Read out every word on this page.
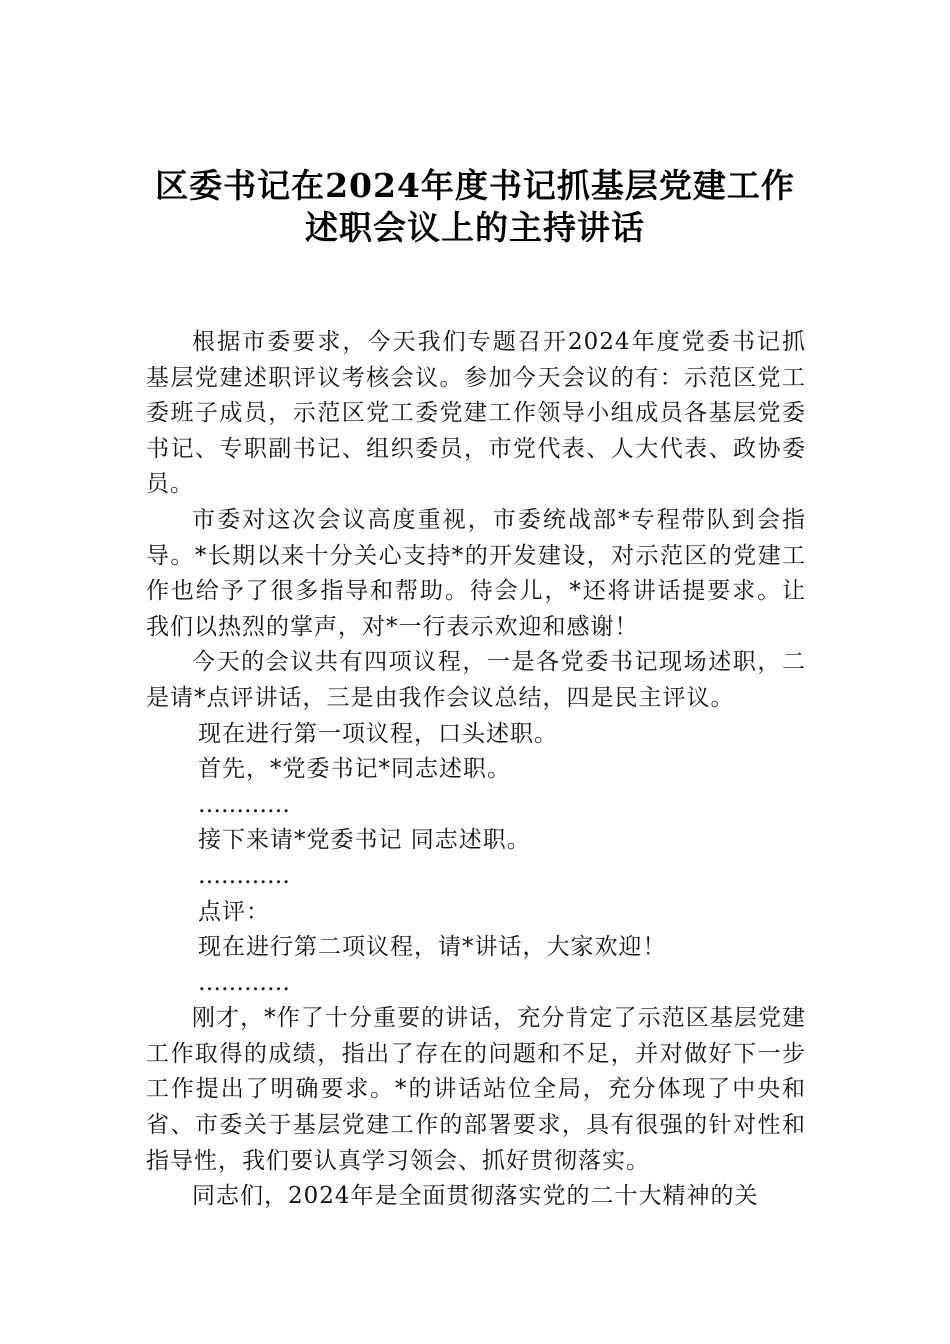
区委书记在2024年度书记抓基层党建工作
述职会议上的主持讲话

根据市委要求，今天我们专题召开2024年度党委书记抓基层党建述职评议考核会议。参加今天会议的有：示范区党工委班子成员，示范区党工委党建工作领导小组成员各基层党委书记、专职副书记、组织委员，市党代表、人大代表、政协委员。

市委对这次会议高度重视，市委统战部*专程带队到会指导。*长期以来十分关心支持*的开发建设，对示范区的党建工作也给予了很多指导和帮助。待会儿，*还将讲话提要求。让我们以热烈的掌声，对*一行表示欢迎和感谢！

今天的会议共有四项议程，一是各党委书记现场述职，二是请*点评讲话，三是由我作会议总结，四是民主评议。

现在进行第一项议程，口头述职。

首先，*党委书记*同志述职。

…………

接下来请*党委书记 同志述职。

…………

点评：

现在进行第二项议程，请*讲话，大家欢迎！

…………

刚才，*作了十分重要的讲话，充分肯定了示范区基层党建工作取得的成绩，指出了存在的问题和不足，并对做好下一步工作提出了明确要求。*的讲话站位全局，充分体现了中央和省、市委关于基层党建工作的部署要求，具有很强的针对性和指导性，我们要认真学习领会、抓好贯彻落实。

同志们，2024年是全面贯彻落实党的二十大精神的关
